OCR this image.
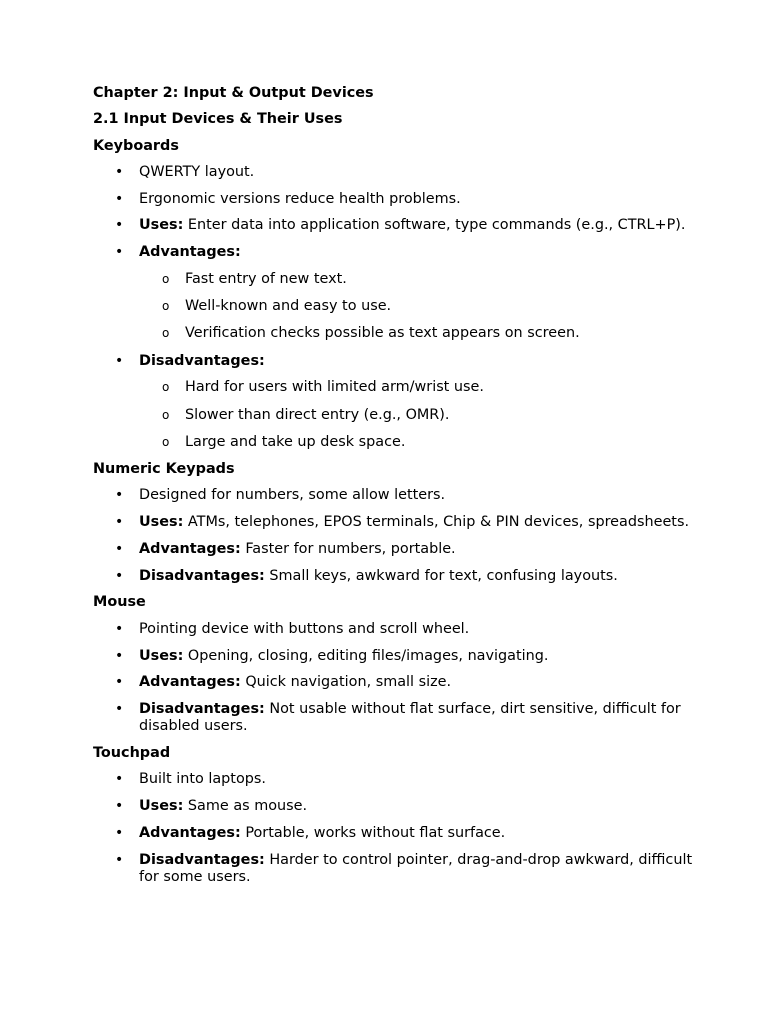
Chapter 2: Input & Output Devices

2.1 Input Devices & Their Uses

Keyboards

•
QWERTY layout.
•
Ergonomic versions reduce health problems.
•
Uses: Enter data into application software, type commands (e.g., CTRL+P).
•
Advantages:
o
Fast entry of new text.
o
Well-known and easy to use.
o
Verification checks possible as text appears on screen.
•
Disadvantages:
o
Hard for users with limited arm/wrist use.
o
Slower than direct entry (e.g., OMR).
o
Large and take up desk space.

Numeric Keypads

•
Designed for numbers, some allow letters.
•
Uses: ATMs, telephones, EPOS terminals, Chip & PIN devices, spreadsheets.
•
Advantages: Faster for numbers, portable.
•
Disadvantages: Small keys, awkward for text, confusing layouts.

Mouse

•
Pointing device with buttons and scroll wheel.
•
Uses: Opening, closing, editing files/images, navigating.
•
Advantages: Quick navigation, small size.
•
Disadvantages: Not usable without flat surface, dirt sensitive, difficult for disabled users.

Touchpad

•
Built into laptops.
•
Uses: Same as mouse.
•
Advantages: Portable, works without flat surface.
•
Disadvantages: Harder to control pointer, drag-and-drop awkward, difficult for some users.
